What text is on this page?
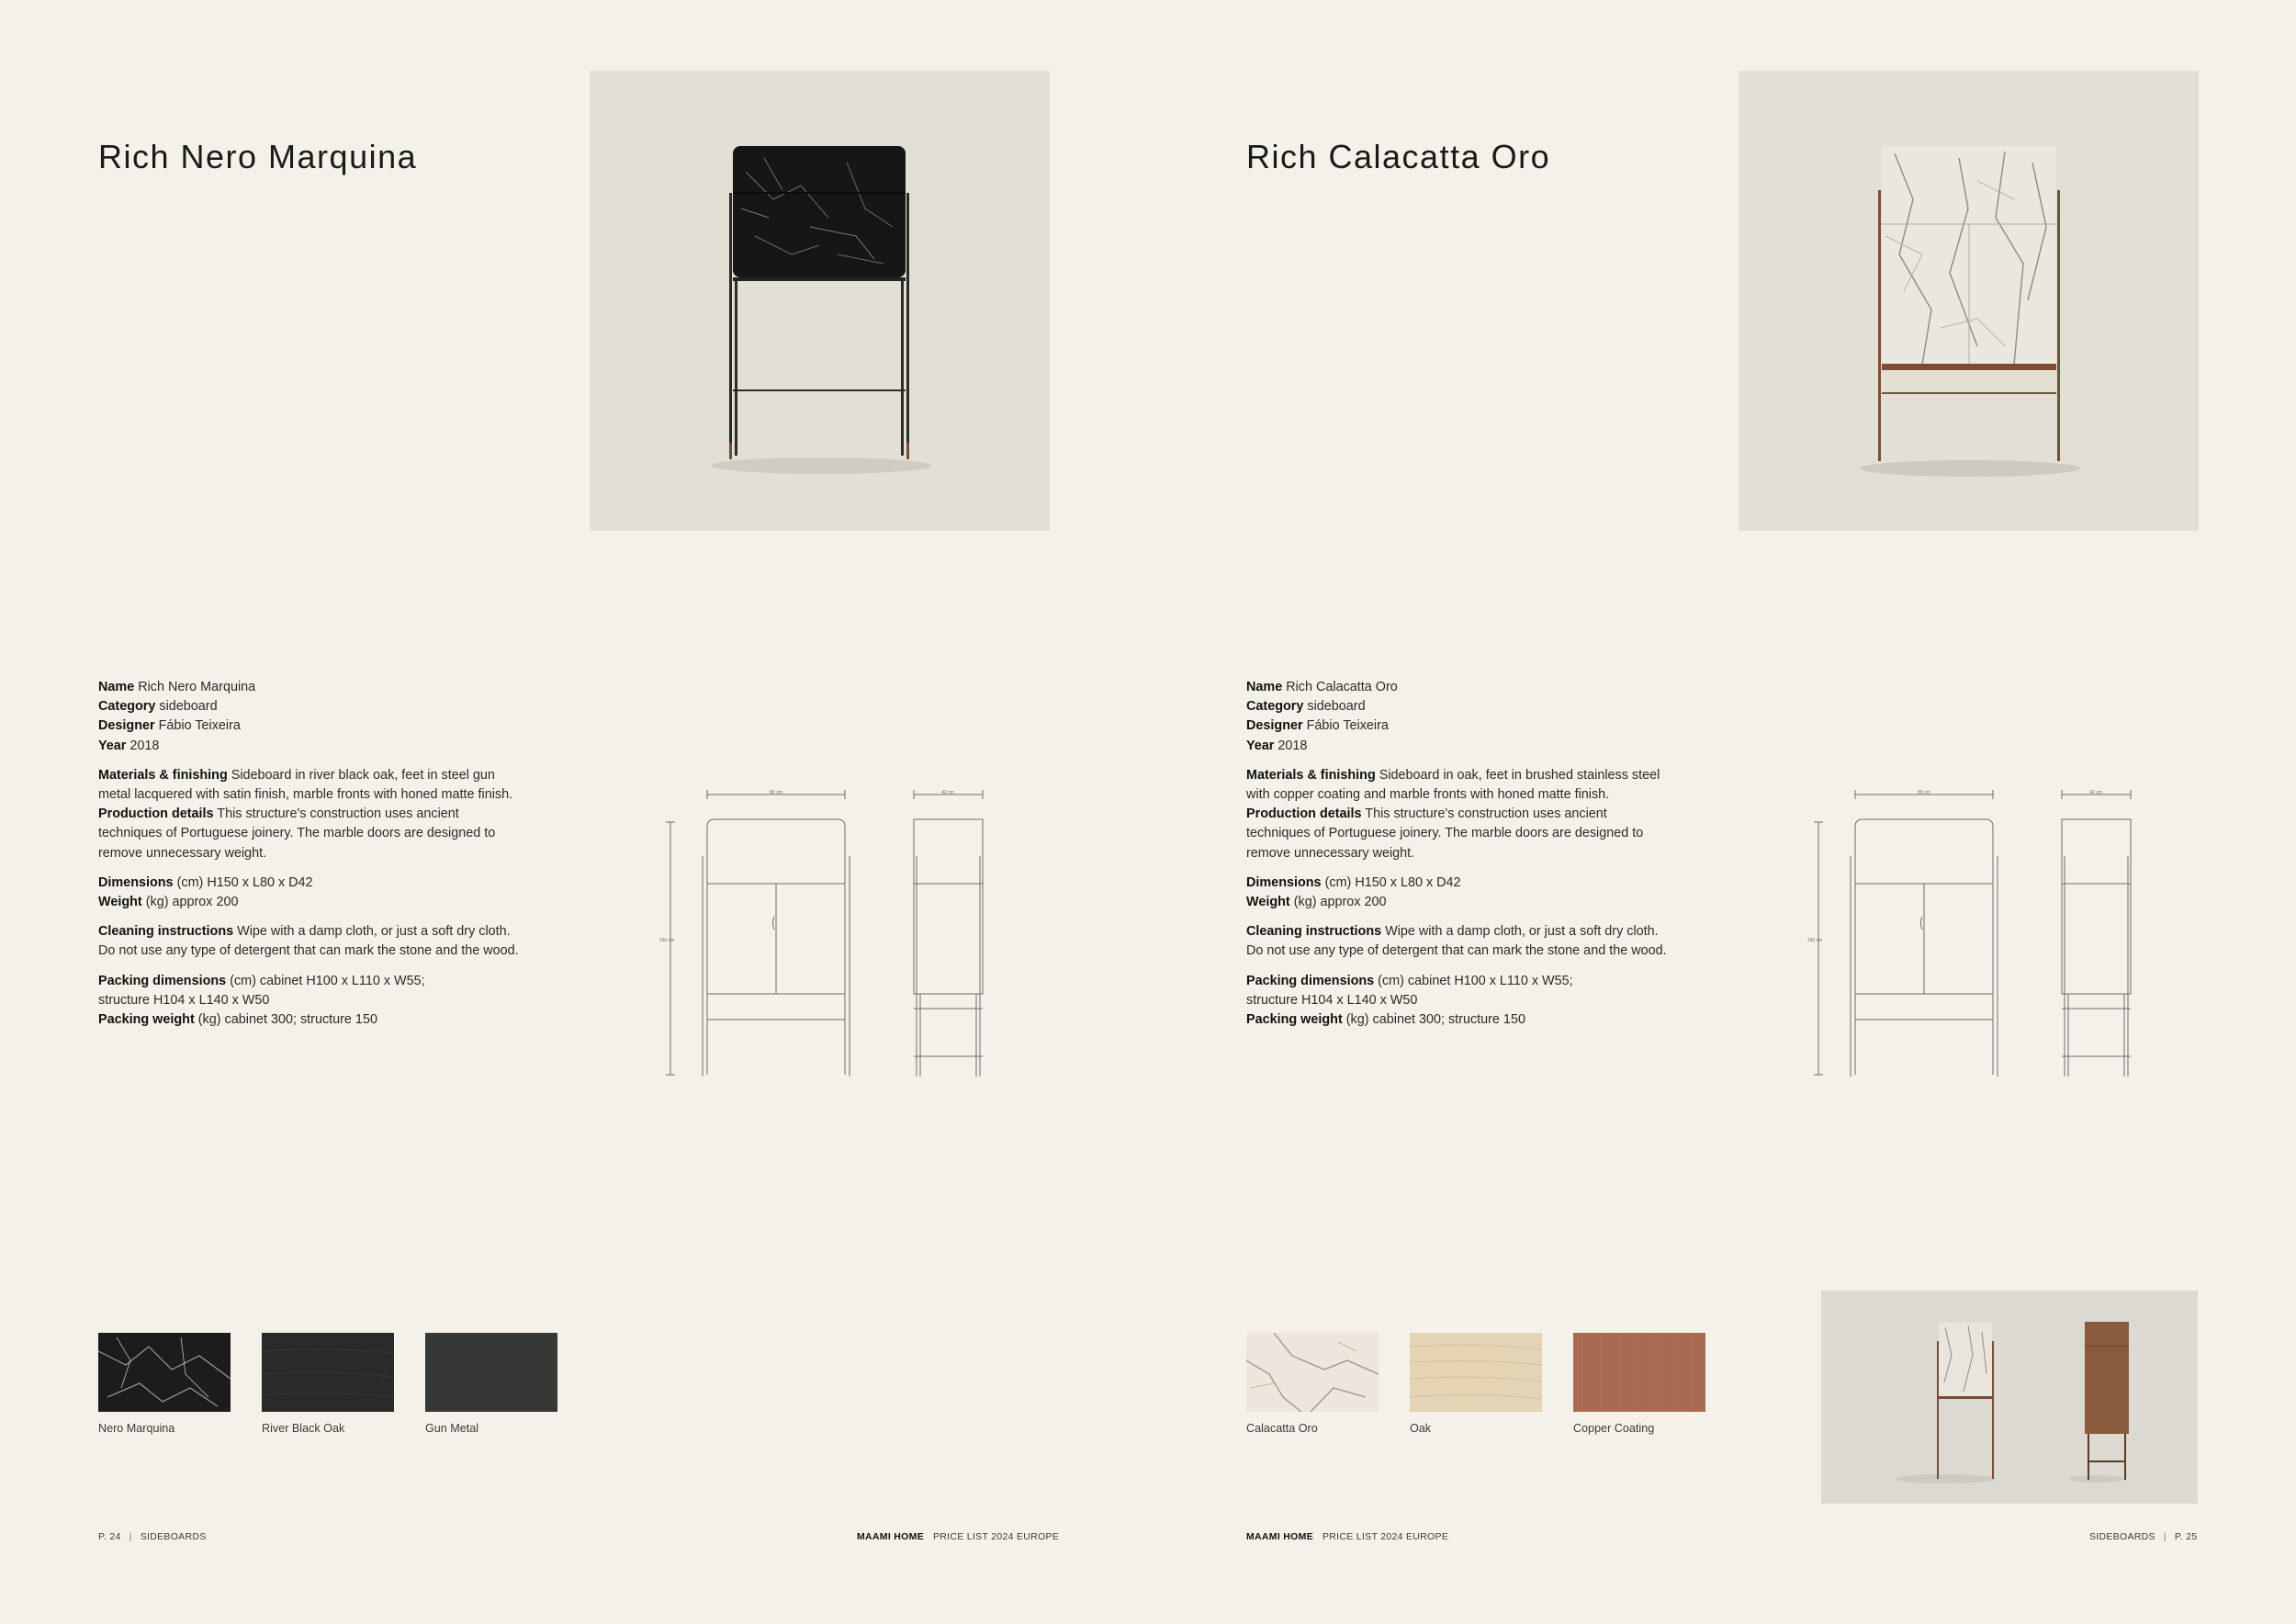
Rich Nero Marquina

Name Rich Nero Marquina

Category sideboard

Designer Fábio Teixeira

Year 2018

Materials & finishing Sideboard in river black oak, feet in steel gun metal lacquered with satin finish, marble fronts with honed matte finish.

Production details This structure's construction uses ancient techniques of Portuguese joinery. The marble doors are designed to remove unnecessary weight.

Dimensions (cm) H150 x L80 x D42

Weight (kg) approx 200

Cleaning instructions Wipe with a damp cloth, or just a soft dry cloth. Do not use any type of detergent that can mark the stone and the wood.

Packing dimensions (cm) cabinet H100 x L110 x W55;
structure H104 x L140 x W50

Packing weight (kg) cabinet 300; structure 150

80 cm
150 cm
42 cm
Nero Marquina	River Black Oak	Gun Metal
P. 24 | SIDEBOARDS	MAAMI HOME PRICE LIST 2024 EUROPE
Rich Calacatta Oro

Name Rich Calacatta Oro

Category sideboard

Designer Fábio Teixeira

Year 2018

Materials & finishing Sideboard in oak, feet in brushed stainless steel with copper coating and marble fronts with honed matte finish.

Production details This structure's construction uses ancient techniques of Portuguese joinery. The marble doors are designed to remove unnecessary weight.

Dimensions (cm) H150 x L80 x D42

Weight (kg) approx 200

Cleaning instructions Wipe with a damp cloth, or just a soft dry cloth. Do not use any type of detergent that can mark the stone and the wood.

Packing dimensions (cm) cabinet H100 x L110 x W55;
structure H104 x L140 x W50

Packing weight (kg) cabinet 300; structure 150

80 cm
150 cm
42 cm
Calacatta Oro	Oak	Copper Coating
MAAMI HOME PRICE LIST 2024 EUROPE	SIDEBOARDS | P. 25
